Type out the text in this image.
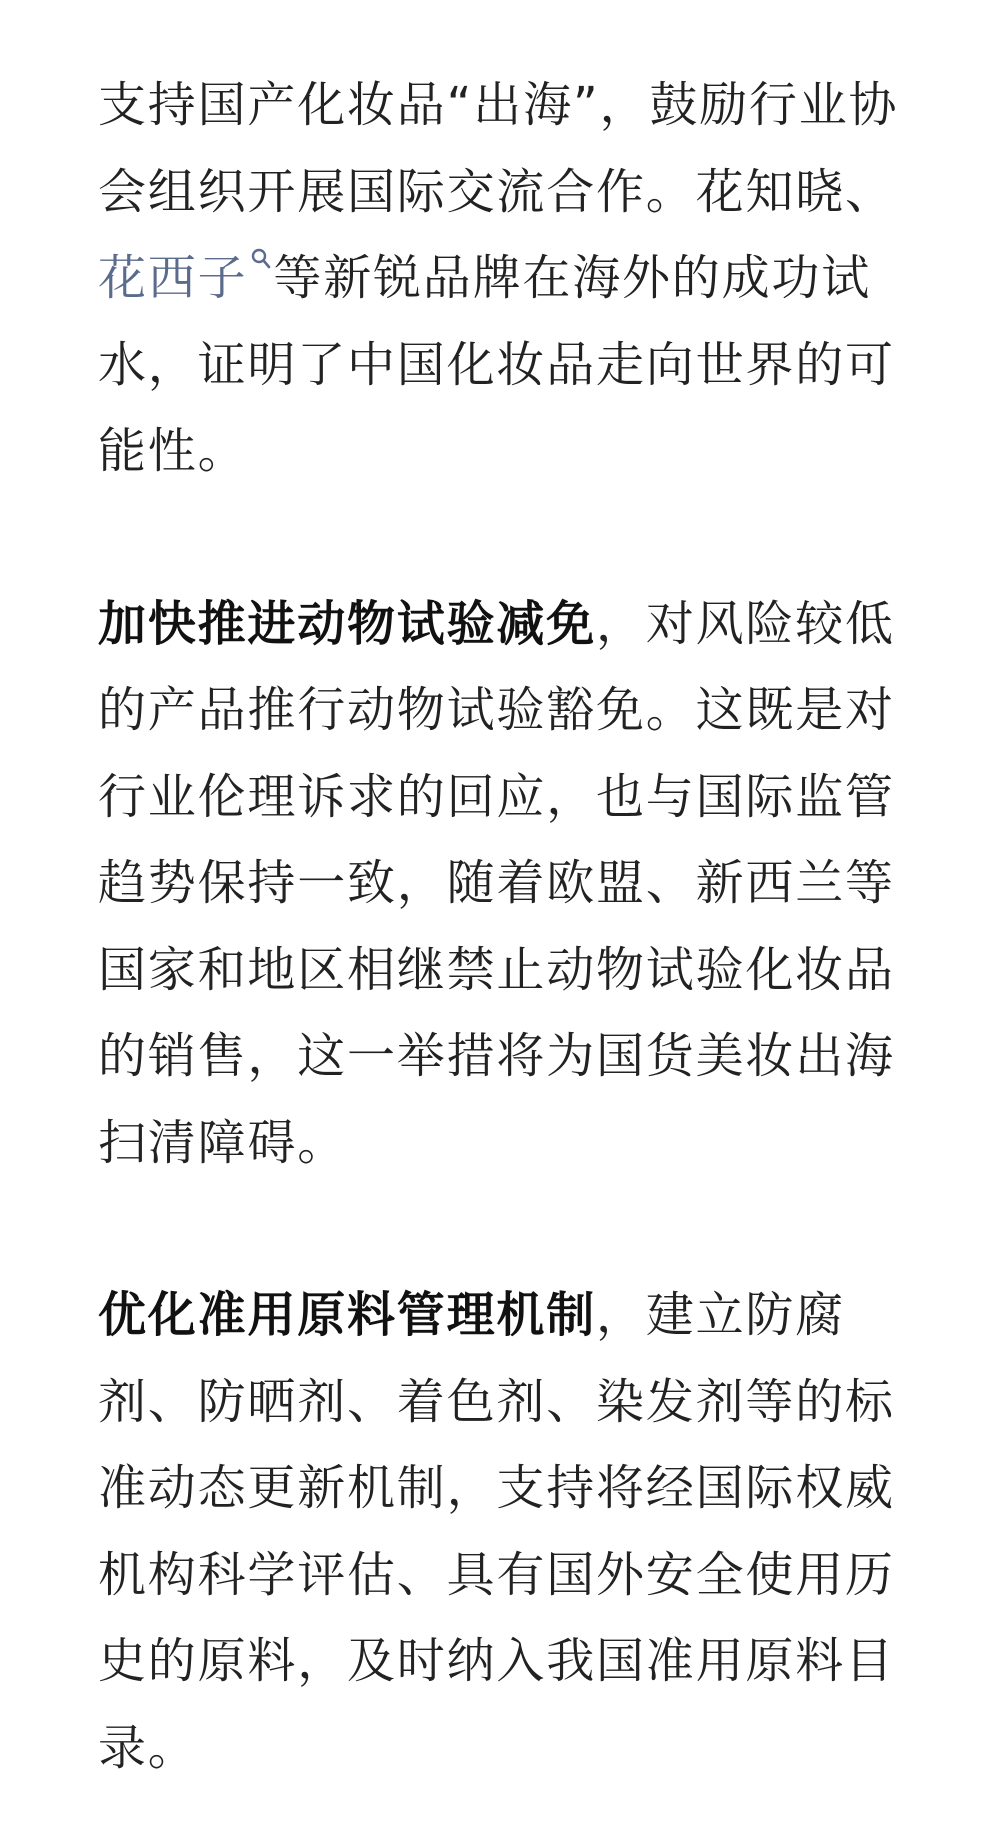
支持国产化妆品“出海”，鼓励行业协会组织开展国际交流合作。花知晓、花西子 等新锐品牌在海外的成功试水，证明了中国化妆品走向世界的可能性。

加快推进动物试验减免，对风险较低的产品推行动物试验豁免。这既是对行业伦理诉求的回应，也与国际监管趋势保持一致，随着欧盟、新西兰等国家和地区相继禁止动物试验化妆品的销售，这一举措将为国货美妆出海扫清障碍。

优化准用原料管理机制，建立防腐剂、防晒剂、着色剂、染发剂等的标准动态更新机制，支持将经国际权威机构科学评估、具有国外安全使用历史的原料，及时纳入我国准用原料目录。
